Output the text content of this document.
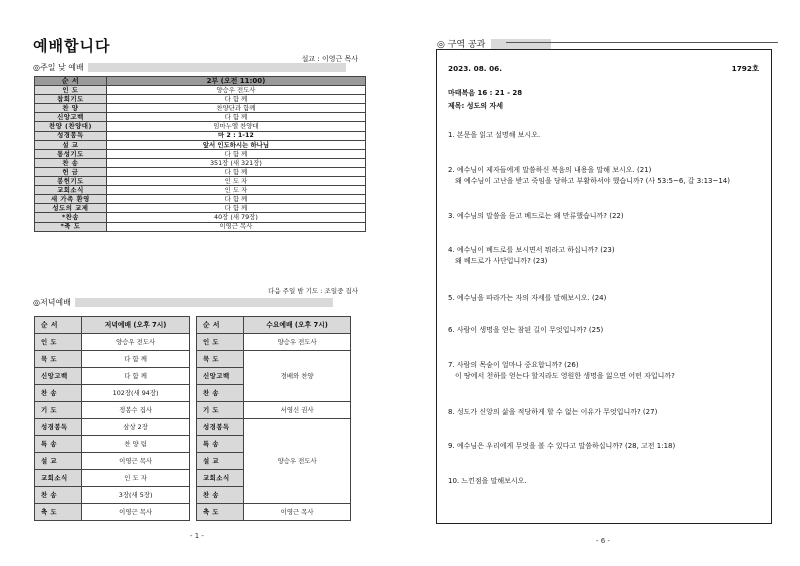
예배합니다
설교 : 이영근 목사
◎주일 낮 예배
순 서	2부 (오전 11:00)
인 도	양승우 전도사
참회기도	다 함 께
찬 양	찬양단과 함께
신앙고백	다 함 께
찬양 (찬양대)	임마누엘 찬양대
성경봉독	마 2 : 1-12
설 교	앞서 인도하시는 하나님
통성기도	다 함 께
찬 송	351장 (새 321장)
헌 금	다 함 께
봉헌기도	인 도 자
교회소식	인 도 자
새 가족 환영	다 함 께
성도의 교제	다 함 께
*찬송	40장 (새 79장)
*축 도	이영근 목사
다음 주일 밤 기도 : 조일중 집사
◎저녁예배
순 서	저녁예배 (오후 7시)
인 도	양승우 전도사
묵 도	다 함 께
신앙고백	다 함 께
찬 송	102장(새 94장)
기 도	정봉수 집사
성경봉독	삼상 2장
특 송	찬 양 팀
설 교	이영근 목사
교회소식	인 도 자
찬 송	3장(새 5장)
축 도	이영근 목사
순 서	수요예배 (오후 7시)
인 도	양승우 전도사
묵 도	경배와 찬양
신앙고백	
찬 송	
기 도	서영신 권사
성경봉독	양승우 전도사
특 송	
설 교	
교회소식	
찬 송	
축 도	이영근 목사
- 1 -
◎ 구역 공과
2023. 08. 06.	1792호
마태복음 16 : 21 - 28
제목: 성도의 자세
1. 본문을 읽고 설명해 보시오.
2. 예수님이 제자들에게 말씀하신 복음의 내용을 말해 보시오. (21)
왜 예수님이 고난을 받고 죽임을 당하고 부활하셔야 했습니까? (사 53:5~6, 갈 3:13~14)
3. 예수님의 말씀을 듣고 베드로는 왜 만류했습니까? (22)
4. 예수님이 베드로를 보시면서 뭐라고 하십니까? (23)
왜 베드로가 사단입니까? (23)
5. 예수님을 따라가는 자의 자세를 말해보시오. (24)
6. 사람이 생명을 얻는 참된 길이 무엇입니까? (25)
7. 사람의 목숨이 얼마나 중요합니까? (26)
이 땅에서 천하를 얻는다 할지라도 영원한 생명을 잃으면 어떤 자입니까?
8. 성도가 신앙의 삶을 적당하게 할 수 없는 이유가 무엇입니까? (27)
9. 예수님은 우리에게 무엇을 볼 수 있다고 말씀하십니까? (28, 고전 1:18)
10. 느낀점을 말해보시오.
- 6 -
